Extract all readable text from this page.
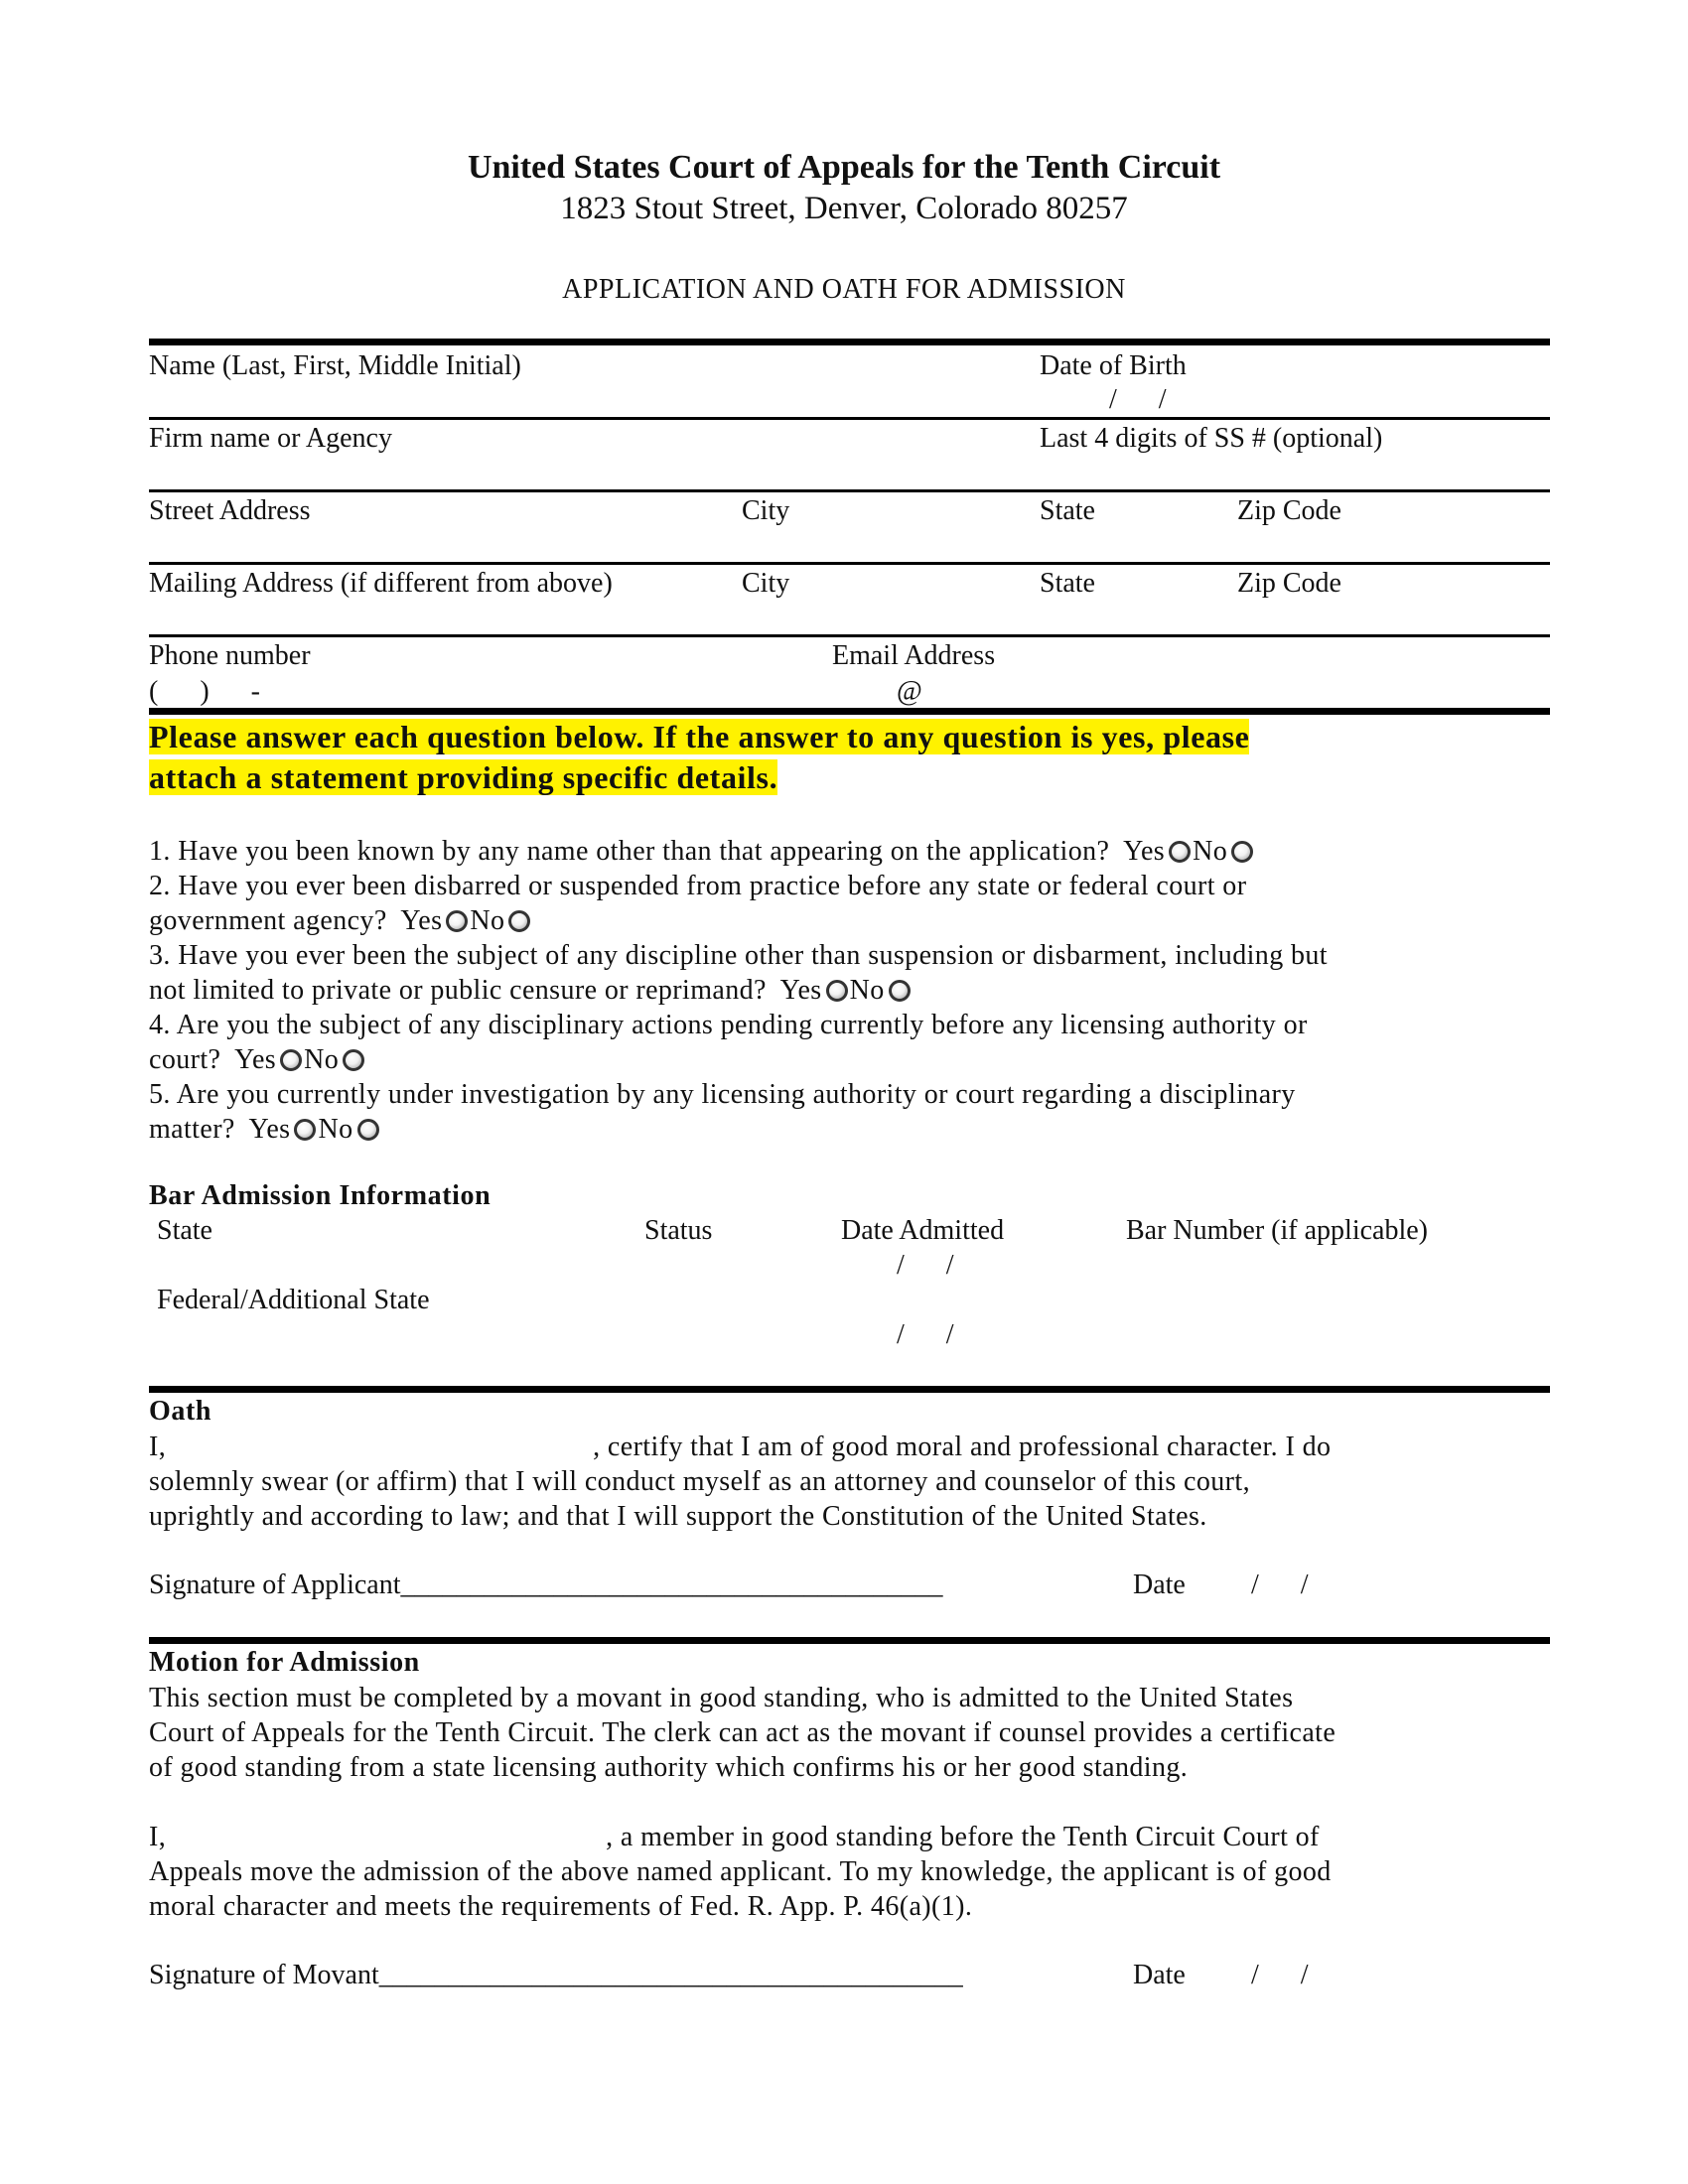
United States Court of Appeals for the Tenth Circuit
1823 Stout Street, Denver, Colorado 80257
APPLICATION AND OATH FOR ADMISSION
Name (Last, First, Middle Initial)	Date of Birth
/      /
Firm name or Agency	Last 4 digits of SS # (optional)
Street Address	City	State	Zip Code
Mailing Address (if different from above)	City	State	Zip Code
Phone number	Email Address
(      )      -	@
Please answer each question below. If the answer to any question is yes, please
attach a statement providing specific details.

1. Have you been known by any name other than that appearing on the application? Yes No

2. Have you ever been disbarred or suspended from practice before any state or federal court or
government agency? Yes No

3. Have you ever been the subject of any discipline other than suspension or disbarment, including but
not limited to private or public censure or reprimand? Yes No

4. Are you the subject of any disciplinary actions pending currently before any licensing authority or
court? Yes No

5. Are you currently under investigation by any licensing authority or court regarding a disciplinary
matter? Yes No

Bar Admission Information
State	Status	Date Admitted	Bar Number (if applicable)
/      /
Federal/Additional State
/      /
Oath

I,	, certify that I am of good moral and professional character. I do

solemnly swear (or affirm) that I will conduct myself as an attorney and counselor of this court,

uprightly and according to law; and that I will support the Constitution of the United States.

Signature of Applicant_______________________________________	Date /      /
Motion for Admission

This section must be completed by a movant in good standing, who is admitted to the United States

Court of Appeals for the Tenth Circuit. The clerk can act as the movant if counsel provides a certificate

of good standing from a state licensing authority which confirms his or her good standing.

I,	, a member in good standing before the Tenth Circuit Court of

Appeals move the admission of the above named applicant. To my knowledge, the applicant is of good

moral character and meets the requirements of Fed. R. App. P. 46(a)(1).

Signature of Movant__________________________________________	Date /      /
